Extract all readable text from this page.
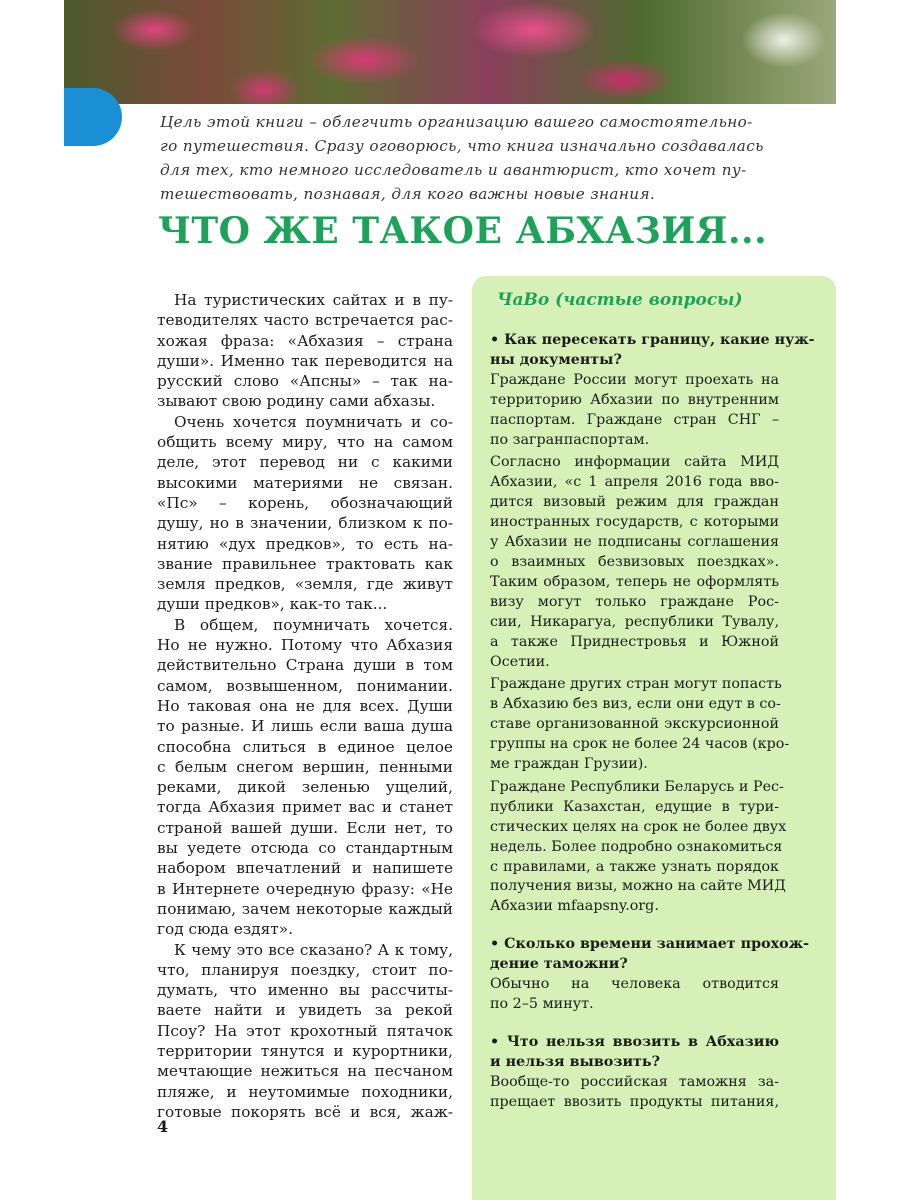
Цель этой книги – облегчить организацию вашего самостоятельно-
го путешествия. Сразу оговорюсь, что книга изначально создавалась
для тех, кто немного исследователь и авантюрист, кто хочет пу-
тешествовать, познавая, для кого важны новые знания.
ЧТО ЖЕ ТАКОЕ АБХАЗИЯ...
На туристических сайтах и в пу-
теводителях часто встречается рас-
хожая фраза: «Абхазия – страна
души». Именно так переводится на
русский слово «Апсны» – так на-
зывают свою родину сами абхазы.
Очень хочется поумничать и со-
общить всему миру, что на самом
деле, этот перевод ни с какими
высокими материями не связан.
«Пс» – корень, обозначающий
душу, но в значении, близком к по-
нятию «дух предков», то есть на-
звание правильнее трактовать как
земля предков, «земля, где живут
души предков», как-то так...
В общем, поумничать хочется.
Но не нужно. Потому что Абхазия
действительно Страна души в том
самом, возвышенном, понимании.
Но таковая она не для всех. Души
то разные. И лишь если ваша душа
способна слиться в единое целое
с белым снегом вершин, пенными
реками, дикой зеленью ущелий,
тогда Абхазия примет вас и станет
страной вашей души. Если нет, то
вы уедете отсюда со стандартным
набором впечатлений и напишете
в Интернете очередную фразу: «Не
понимаю, зачем некоторые каждый
год сюда ездят».
К чему это все сказано? А к тому,
что, планируя поездку, стоит по-
думать, что именно вы рассчиты-
ваете найти и увидеть за рекой
Псоу? На этот крохотный пятачок
территории тянутся и курортники,
мечтающие нежиться на песчаном
пляже, и неутомимые походники,
готовые покорять всё и вся, жаж-
ЧаВо (частые вопросы)
• Как пересекать границу, какие нуж-
ны документы?
Граждане России могут проехать на
территорию Абхазии по внутренним
паспортам. Граждане стран СНГ –
по загранпаспортам.
Согласно информации сайта МИД
Абхазии, «с 1 апреля 2016 года вво-
дится визовый режим для граждан
иностранных государств, с которыми
у Абхазии не подписаны соглашения
о взаимных безвизовых поездках».
Таким образом, теперь не оформлять
визу могут только граждане Рос-
сии, Никарагуа, республики Тувалу,
а также Приднестровья и Южной
Осетии.
Граждане других стран могут попасть
в Абхазию без виз, если они едут в со-
ставе организованной экскурсионной
группы на срок не более 24 часов (кро-
ме граждан Грузии).
Граждане Республики Беларусь и Рес-
публики Казахстан, едущие в тури-
стических целях на срок не более двух
недель. Более подробно ознакомиться
с правилами, а также узнать порядок
получения визы, можно на сайте МИД
Абхазии mfaapsny.org.
• Сколько времени занимает прохож-
дение таможни?
Обычно на человека отводится
по 2–5 минут.
• Что нельзя ввозить в Абхазию
и нельзя вывозить?
Вообще-то российская таможня за-
прещает ввозить продукты питания,
4
